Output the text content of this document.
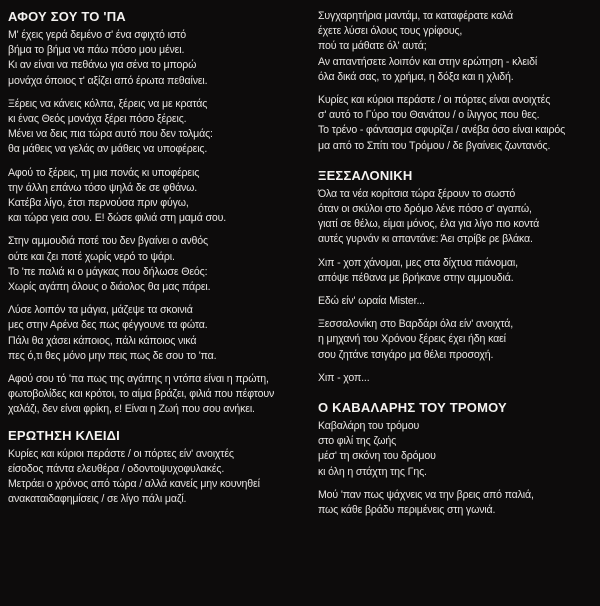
ΑΦΟΥ ΣΟΥ ΤΟ 'ΠΑ
Μ' έχεις γερά δεμένο σ' ένα σφιχτό ιστό
βήμα το βήμα να πάω πόσο μου μένει.
Κι αν είναι να πεθάνω για σένα το μπορώ
μονάχα όποιος τ' αξίζει από έρωτα πεθαίνει.
Ξέρεις να κάνεις κόλπα, ξέρεις να με κρατάς
κι ένας Θεός μονάχα ξέρει πόσο ξέρεις.
Μένει να δεις πια τώρα αυτό που δεν τολμάς:
θα μάθεις να γελάς αν μάθεις να υποφέρεις.
Αφού το ξέρεις, τη μια πονάς κι υποφέρεις
την άλλη επάνω τόσο ψηλά δε σε φθάνω.
Κατέβα λίγο, έτσι περνούσα πριν φύγω,
και τώρα γεια σου. Ε! δώσε φιλιά στη μαμά σου.
Στην αμμουδιά ποτέ του δεν βγαίνει ο ανθός
ούτε και ζει ποτέ χωρίς νερό το ψάρι.
Το 'πε παλιά κι ο μάγκας που δήλωσε Θεός:
Χωρίς αγάπη όλους ο διάολος θα μας πάρει.
Λύσε λοιπόν τα μάγια, μάζεψε τα σκοινιά
μες στην Αρένα δες πως φέγγουνε τα φώτα.
Πάλι θα χάσει κάποιος, πάλι κάποιος νικά
πες ό,τι θες μόνο μην πεις πως δε σου το 'πα.
Αφού σου τό 'πα πως της αγάπης η ντόπα είναι η πρώτη,
φωτοβολίδες και κρότοι, το αίμα βράζει, φιλιά που πέφτουν
χαλάζι, δεν είναι φρίκη, ε! Είναι η Ζωή που σου ανήκει.
ΕΡΩΤΗΣΗ ΚΛΕΙΔΙ
Κυρίες και κύριοι περάστε / οι πόρτες είν' ανοιχτές
είσοδος πάντα ελευθέρα / οδοντοψυχοφυλακές.
Μετράει ο χρόνος από τώρα / αλλά κανείς μην κουνηθεί
ανακαταιδαφημίσεις / σε λίγο πάλι μαζί.
Συγχαρητήρια μαντάμ, τα καταφέρατε καλά
έχετε λύσει όλους τους γρίφους,
πού τα μάθατε όλ' αυτά;
Αν απαντήσετε λοιπόν και στην ερώτηση - κλειδί
όλα δικά σας, το χρήμα, η δόξα και η χλιδή.
Κυρίες και κύριοι περάστε / οι πόρτες είναι ανοιχτές
σ' αυτό το Γύρο του Θανάτου / ο ίλιγγος που θες.
Το τρένο - φάντασμα σφυρίζει / ανέβα όσο είναι καιρός
μα από το Σπίτι του Τρόμου / δε βγαίνεις ζωντανός.
ΞΕΣΣΑΛΟΝΙΚΗ
Όλα τα νέα κορίτσια τώρα ξέρουν το σωστό
όταν οι σκύλοι στο δρόμο λένε πόσο σ' αγαπώ,
γιατί σε θέλω, είμαι μόνος, έλα για λίγο πιο κοντά
αυτές γυρνάν κι απαντάνε: Άει στρίβε ρε βλάκα.
Χιπ - χοπ χάνομαι, μες στα δίχτυα πιάνομαι,
απόψε πέθανα με βρήκανε στην αμμουδιά.
Εδώ είν' ωραία Mister...
Ξεσσαλονίκη στο Βαρδάρι όλα είν' ανοιχτά,
η μηχανή του Χρόνου ξέρεις έχει ήδη καεί
σου ζητάνε τσιγάρο μα θέλει προσοχή.
Χιπ - χοπ...
Ο ΚΑΒΑΛΑΡΗΣ ΤΟΥ ΤΡΟΜΟΥ
Καβαλάρη του τρόμου
στο φιλί της ζωής
μέσ' τη σκόνη του δρόμου
κι όλη η στάχτη της Γης.
Μού 'παν πως ψάχνεις να την βρεις από παλιά,
πως κάθε βράδυ περιμένεις στη γωνιά.
